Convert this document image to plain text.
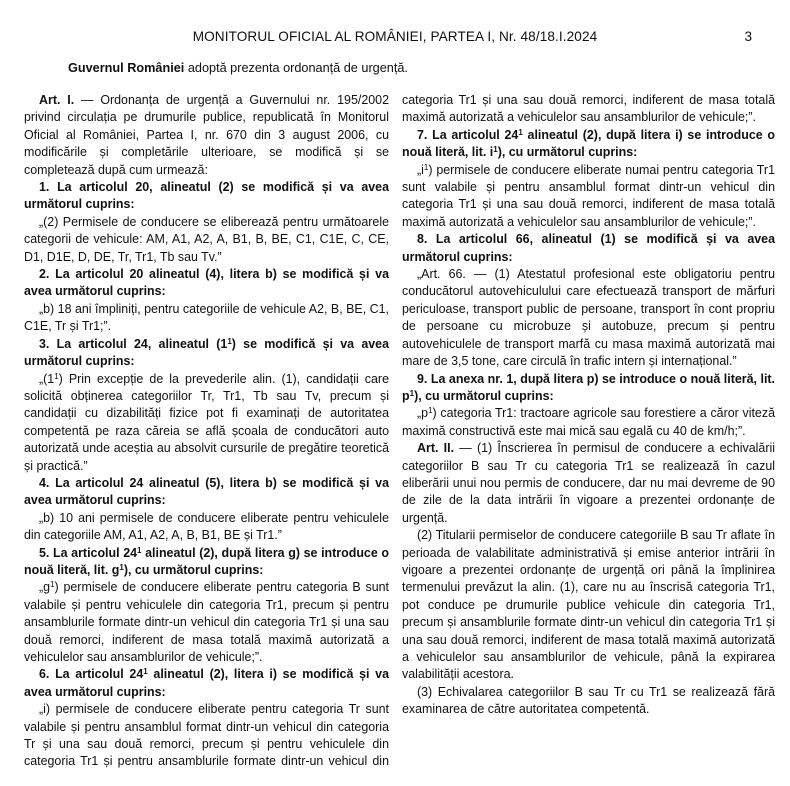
MONITORUL OFICIAL AL ROMÂNIEI, PARTEA I, Nr. 48/18.I.2024	3
Guvernul României adoptă prezenta ordonanță de urgență.

Art. I. — Ordonanța de urgență a Guvernului nr. 195/2002 privind circulația pe drumurile publice, republicată în Monitorul Oficial al României, Partea I, nr. 670 din 3 august 2006, cu modificările și completările ulterioare, se modifică și se completează după cum urmează:

1. La articolul 20, alineatul (2) se modifică și va avea următorul cuprins:

„(2) Permisele de conducere se eliberează pentru următoarele categorii de vehicule: AM, A1, A2, A, B1, B, BE, C1, C1E, C, CE, D1, D1E, D, DE, Tr, Tr1, Tb sau Tv.”

2. La articolul 20 alineatul (4), litera b) se modifică și va avea următorul cuprins:

„b) 18 ani împliniți, pentru categoriile de vehicule A2, B, BE, C1, C1E, Tr și Tr1;”.

3. La articolul 24, alineatul $(1^1)$ se modifică și va avea următorul cuprins:

$„(1^1)$ Prin excepție de la prevederile alin. (1), candidații care solicită obținerea categoriilor Tr, Tr1, Tb sau Tv, precum și candidații cu dizabilități fizice pot fi examinați de autoritatea competentă pe raza căreia se află școala de conducători auto autorizată unde aceștia au absolvit cursurile de pregătire teoretică și practică.”

4. La articolul 24 alineatul (5), litera b) se modifică și va avea următorul cuprins:

„b) 10 ani permisele de conducere eliberate pentru vehiculele din categoriile AM, A1, A2, A, B, B1, BE și Tr1.”

5. La articolul $24^1$ alineatul (2), după litera g) se introduce o nouă literă, lit. $g^1$), cu următorul cuprins:

$„g^1$) permisele de conducere eliberate pentru categoria B sunt valabile și pentru vehiculele din categoria Tr1, precum și pentru ansamblurile formate dintr-un vehicul din categoria Tr1 și una sau două remorci, indiferent de masa totală maximă autorizată a vehiculelor sau ansamblurilor de vehicule;”.

6. La articolul $24^1$ alineatul (2), litera i) se modifică și va avea următorul cuprins:

„i) permisele de conducere eliberate pentru categoria Tr sunt valabile și pentru ansamblul format dintr-un vehicul din categoria Tr și una sau două remorci, precum și pentru vehiculele din categoria Tr1 și pentru ansamblurile formate dintr-un vehicul din

categoria Tr1 și una sau două remorci, indiferent de masa totală maximă autorizată a vehiculelor sau ansamblurilor de vehicule;”.

7. La articolul $24^1$ alineatul (2), după litera i) se introduce o nouă literă, lit. $i^1$), cu următorul cuprins:

$„i^1$) permisele de conducere eliberate numai pentru categoria Tr1 sunt valabile și pentru ansamblul format dintr-un vehicul din categoria Tr1 și una sau două remorci, indiferent de masa totală maximă autorizată a vehiculelor sau ansamblurilor de vehicule;”.

8. La articolul 66, alineatul (1) se modifică și va avea următorul cuprins:

„Art. 66. — (1) Atestatul profesional este obligatoriu pentru conducătorul autovehiculului care efectuează transport de mărfuri periculoase, transport public de persoane, transport în cont propriu de persoane cu microbuze și autobuze, precum și pentru autovehiculele de transport marfă cu masa maximă autorizată mai mare de 3,5 tone, care circulă în trafic intern și internațional.”

9. La anexa nr. 1, după litera p) se introduce o nouă literă, lit. $p^1$), cu următorul cuprins:

$„p^1$) categoria Tr1: tractoare agricole sau forestiere a căror viteză maximă constructivă este mai mică sau egală cu 40 de km/h;”.

Art. II. — (1) Înscrierea în permisul de conducere a echivalării categoriilor B sau Tr cu categoria Tr1 se realizează în cazul eliberării unui nou permis de conducere, dar nu mai devreme de 90 de zile de la data intrării în vigoare a prezentei ordonanțe de urgență.

(2) Titularii permiselor de conducere categoriile B sau Tr aflate în perioada de valabilitate administrativă și emise anterior intrării în vigoare a prezentei ordonanțe de urgență ori până la împlinirea termenului prevăzut la alin. (1), care nu au înscrisă categoria Tr1, pot conduce pe drumurile publice vehicule din categoria Tr1, precum și ansamblurile formate dintr-un vehicul din categoria Tr1 și una sau două remorci, indiferent de masa totală maximă autorizată a vehiculelor sau ansamblurilor de vehicule, până la expirarea valabilității acestora.

(3) Echivalarea categoriilor B sau Tr cu Tr1 se realizează fără examinarea de către autoritatea competentă.
